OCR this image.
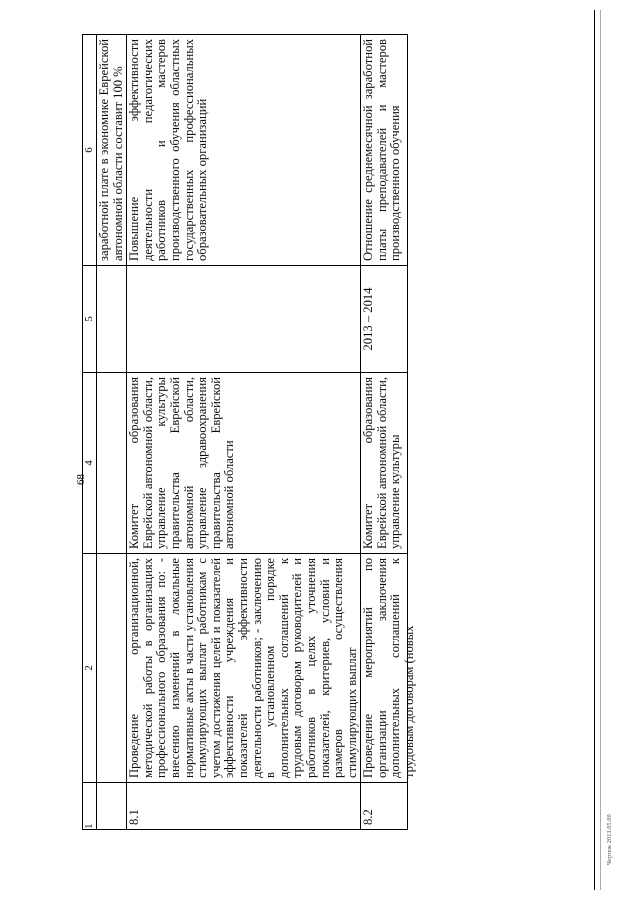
68
1	2	4	5	6
				заработной плате в экономике Еврейской автономной области составит 100 %
8.1	Проведение организационной, методической работы в организациях профессионального образования по: - внесению изменений в локальные нормативные акты в части установления стимулирующих выплат работникам с учетом достижения целей и показателей эффективности учреждения и показателей эффективности деятельности работников; - заключению в установленном порядке дополнительных соглашений к трудовым договорам руководителей и работников в целях уточнения показателей, критериев, условий и размеров осуществления стимулирующих выплат	Комитет образования Еврейской автономной области, управление культуры правительства Еврейской автономной области, управление здравоохранения правительства Еврейской автономной области		Повышение эффективности деятельности педагогических работников и мастеров производственного обучения областных государственных профессиональных образовательных организаций
8.2	Проведение мероприятий по организации заключения дополнительных соглашений к трудовым договорам (новых	Комитет образования Еврейской автономной области, управление культуры	2013 – 2014	Отношение среднемесячной заработной платы преподавателей и мастеров производственного обучения
Чертеж 2013.05.00
